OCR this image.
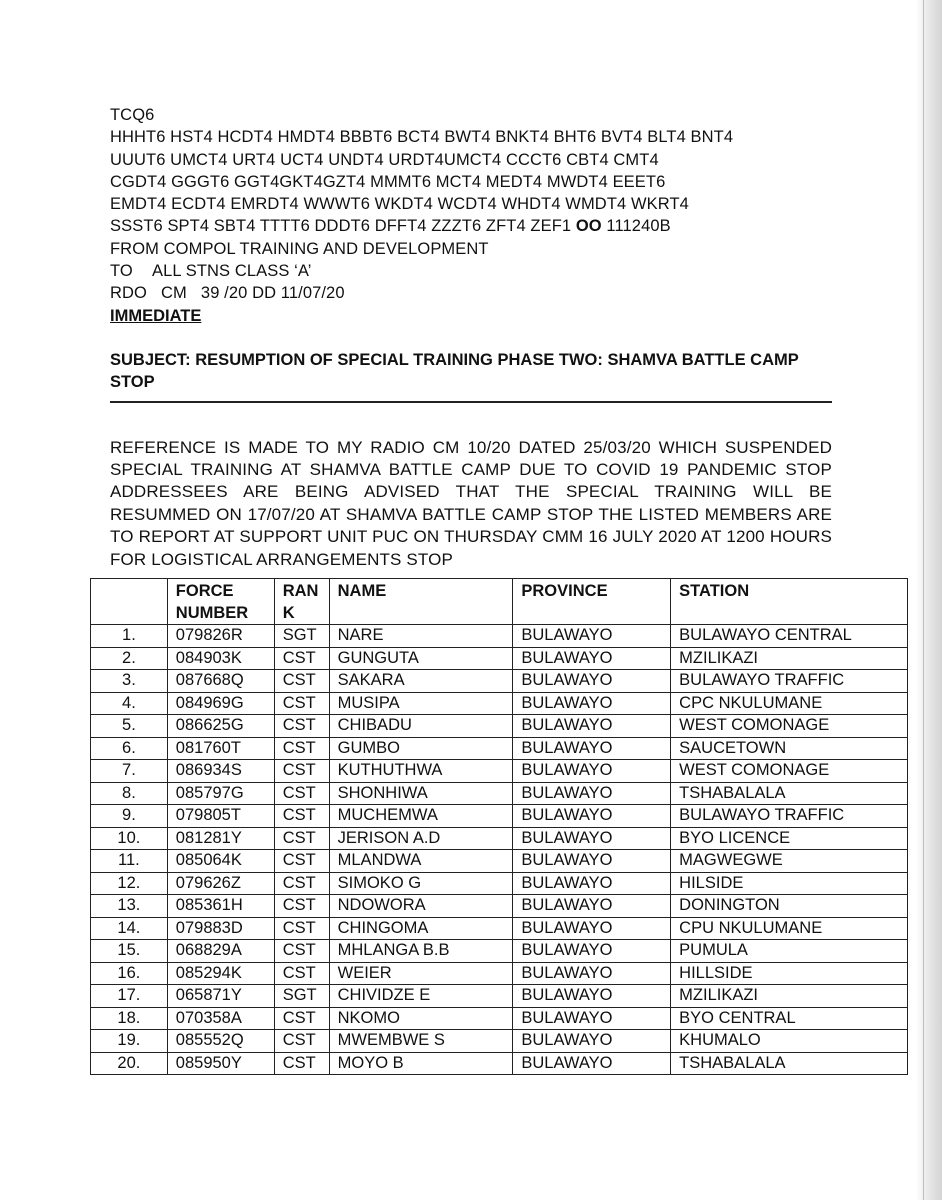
TCQ6
HHHT6 HST4 HCDT4 HMDT4 BBBT6 BCT4 BWT4 BNKT4 BHT6 BVT4 BLT4 BNT4
UUUT6 UMCT4 URT4 UCT4 UNDT4 URDT4UMCT4 CCCT6 CBT4 CMT4
CGDT4 GGGT6 GGT4GKT4GZT4 MMMT6 MCT4 MEDT4 MWDT4 EEET6
EMDT4 ECDT4 EMRDT4 WWWT6 WKDT4 WCDT4 WHDT4 WMDT4 WKRT4
SSST6 SPT4 SBT4 TTTT6 DDDT6 DFFT4 ZZZT6 ZFT4 ZEF1 OO 111240B
FROM COMPOL TRAINING AND DEVELOPMENT
TO ALL STNS CLASS ‘A’
RDO   CM   39 /20 DD 11/07/20
IMMEDIATE
SUBJECT: RESUMPTION OF SPECIAL TRAINING PHASE TWO: SHAMVA BATTLE CAMP STOP
REFERENCE IS MADE TO MY RADIO CM 10/20 DATED 25/03/20 WHICH SUSPENDED SPECIAL TRAINING AT SHAMVA BATTLE CAMP DUE TO COVID 19 PANDEMIC STOP ADDRESSEES ARE BEING ADVISED THAT THE SPECIAL TRAINING WILL BE RESUMMED ON 17/07/20 AT SHAMVA BATTLE CAMP STOP THE LISTED MEMBERS ARE TO REPORT AT SUPPORT UNIT PUC ON THURSDAY CMM 16 JULY 2020 AT 1200 HOURS FOR LOGISTICAL ARRANGEMENTS STOP
	FORCE
NUMBER	RAN
K	NAME	PROVINCE	STATION
1.	079826R	SGT	NARE	BULAWAYO	BULAWAYO CENTRAL
2.	084903K	CST	GUNGUTA	BULAWAYO	MZILIKAZI
3.	087668Q	CST	SAKARA	BULAWAYO	BULAWAYO TRAFFIC
4.	084969G	CST	MUSIPA	BULAWAYO	CPC NKULUMANE
5.	086625G	CST	CHIBADU	BULAWAYO	WEST COMONAGE
6.	081760T	CST	GUMBO	BULAWAYO	SAUCETOWN
7.	086934S	CST	KUTHUTHWA	BULAWAYO	WEST COMONAGE
8.	085797G	CST	SHONHIWA	BULAWAYO	TSHABALALA
9.	079805T	CST	MUCHEMWA	BULAWAYO	BULAWAYO TRAFFIC
10.	081281Y	CST	JERISON A.D	BULAWAYO	BYO LICENCE
11.	085064K	CST	MLANDWA	BULAWAYO	MAGWEGWE
12.	079626Z	CST	SIMOKO G	BULAWAYO	HILSIDE
13.	085361H	CST	NDOWORA	BULAWAYO	DONINGTON
14.	079883D	CST	CHINGOMA	BULAWAYO	CPU NKULUMANE
15.	068829A	CST	MHLANGA B.B	BULAWAYO	PUMULA
16.	085294K	CST	WEIER	BULAWAYO	HILLSIDE
17.	065871Y	SGT	CHIVIDZE E	BULAWAYO	MZILIKAZI
18.	070358A	CST	NKOMO	BULAWAYO	BYO CENTRAL
19.	085552Q	CST	MWEMBWE S	BULAWAYO	KHUMALO
20.	085950Y	CST	MOYO B	BULAWAYO	TSHABALALA
